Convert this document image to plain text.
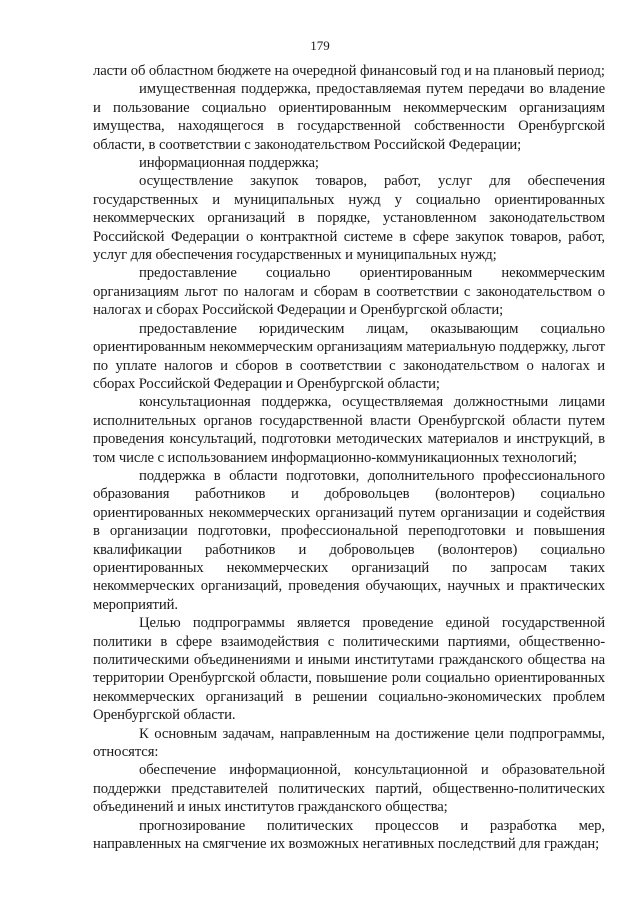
179

ласти об областном бюджете на очередной финансовый год и на плановый период;

имущественная поддержка, предоставляемая путем передачи во владение и пользование социально ориентированным некоммерческим организациям имущества, находящегося в государственной собственности Оренбургской области, в соответствии с законодательством Российской Федерации;

информационная поддержка;

осуществление закупок товаров, работ, услуг для обеспечения государственных и муниципальных нужд у социально ориентированных некоммерческих организаций в порядке, установленном законодательством Российской Федерации о контрактной системе в сфере закупок товаров, работ, услуг для обеспечения государственных и муниципальных нужд;

предоставление социально ориентированным некоммерческим организациям льгот по налогам и сборам в соответствии с законодательством о налогах и сборах Российской Федерации и Оренбургской области;

предоставление юридическим лицам, оказывающим социально ориентированным некоммерческим организациям материальную поддержку, льгот по уплате налогов и сборов в соответствии с законодательством о налогах и сборах Российской Федерации и Оренбургской области;

консультационная поддержка, осуществляемая должностными лицами исполнительных органов государственной власти Оренбургской области путем проведения консультаций, подготовки методических материалов и инструкций, в том числе с использованием информационно-коммуникационных технологий;

поддержка в области подготовки, дополнительного профессионального образования работников и добровольцев (волонтеров) социально ориентированных некоммерческих организаций путем организации и содействия в организации подготовки, профессиональной переподготовки и повышения квалификации работников и добровольцев (волонтеров) социально ориентированных некоммерческих организаций по запросам таких некоммерческих организаций, проведения обучающих, научных и практических мероприятий.

Целью подпрограммы является проведение единой государственной политики в сфере взаимодействия с политическими партиями, общественно-политическими объединениями и иными институтами гражданского общества на территории Оренбургской области, повышение роли социально ориентированных некоммерческих организаций в решении социально-экономических проблем Оренбургской области.

К основным задачам, направленным на достижение цели подпрограммы, относятся:

обеспечение информационной, консультационной и образовательной поддержки представителей политических партий, общественно-политических объединений и иных институтов гражданского общества;

прогнозирование политических процессов и разработка мер, направленных на смягчение их возможных негативных последствий для граждан;
